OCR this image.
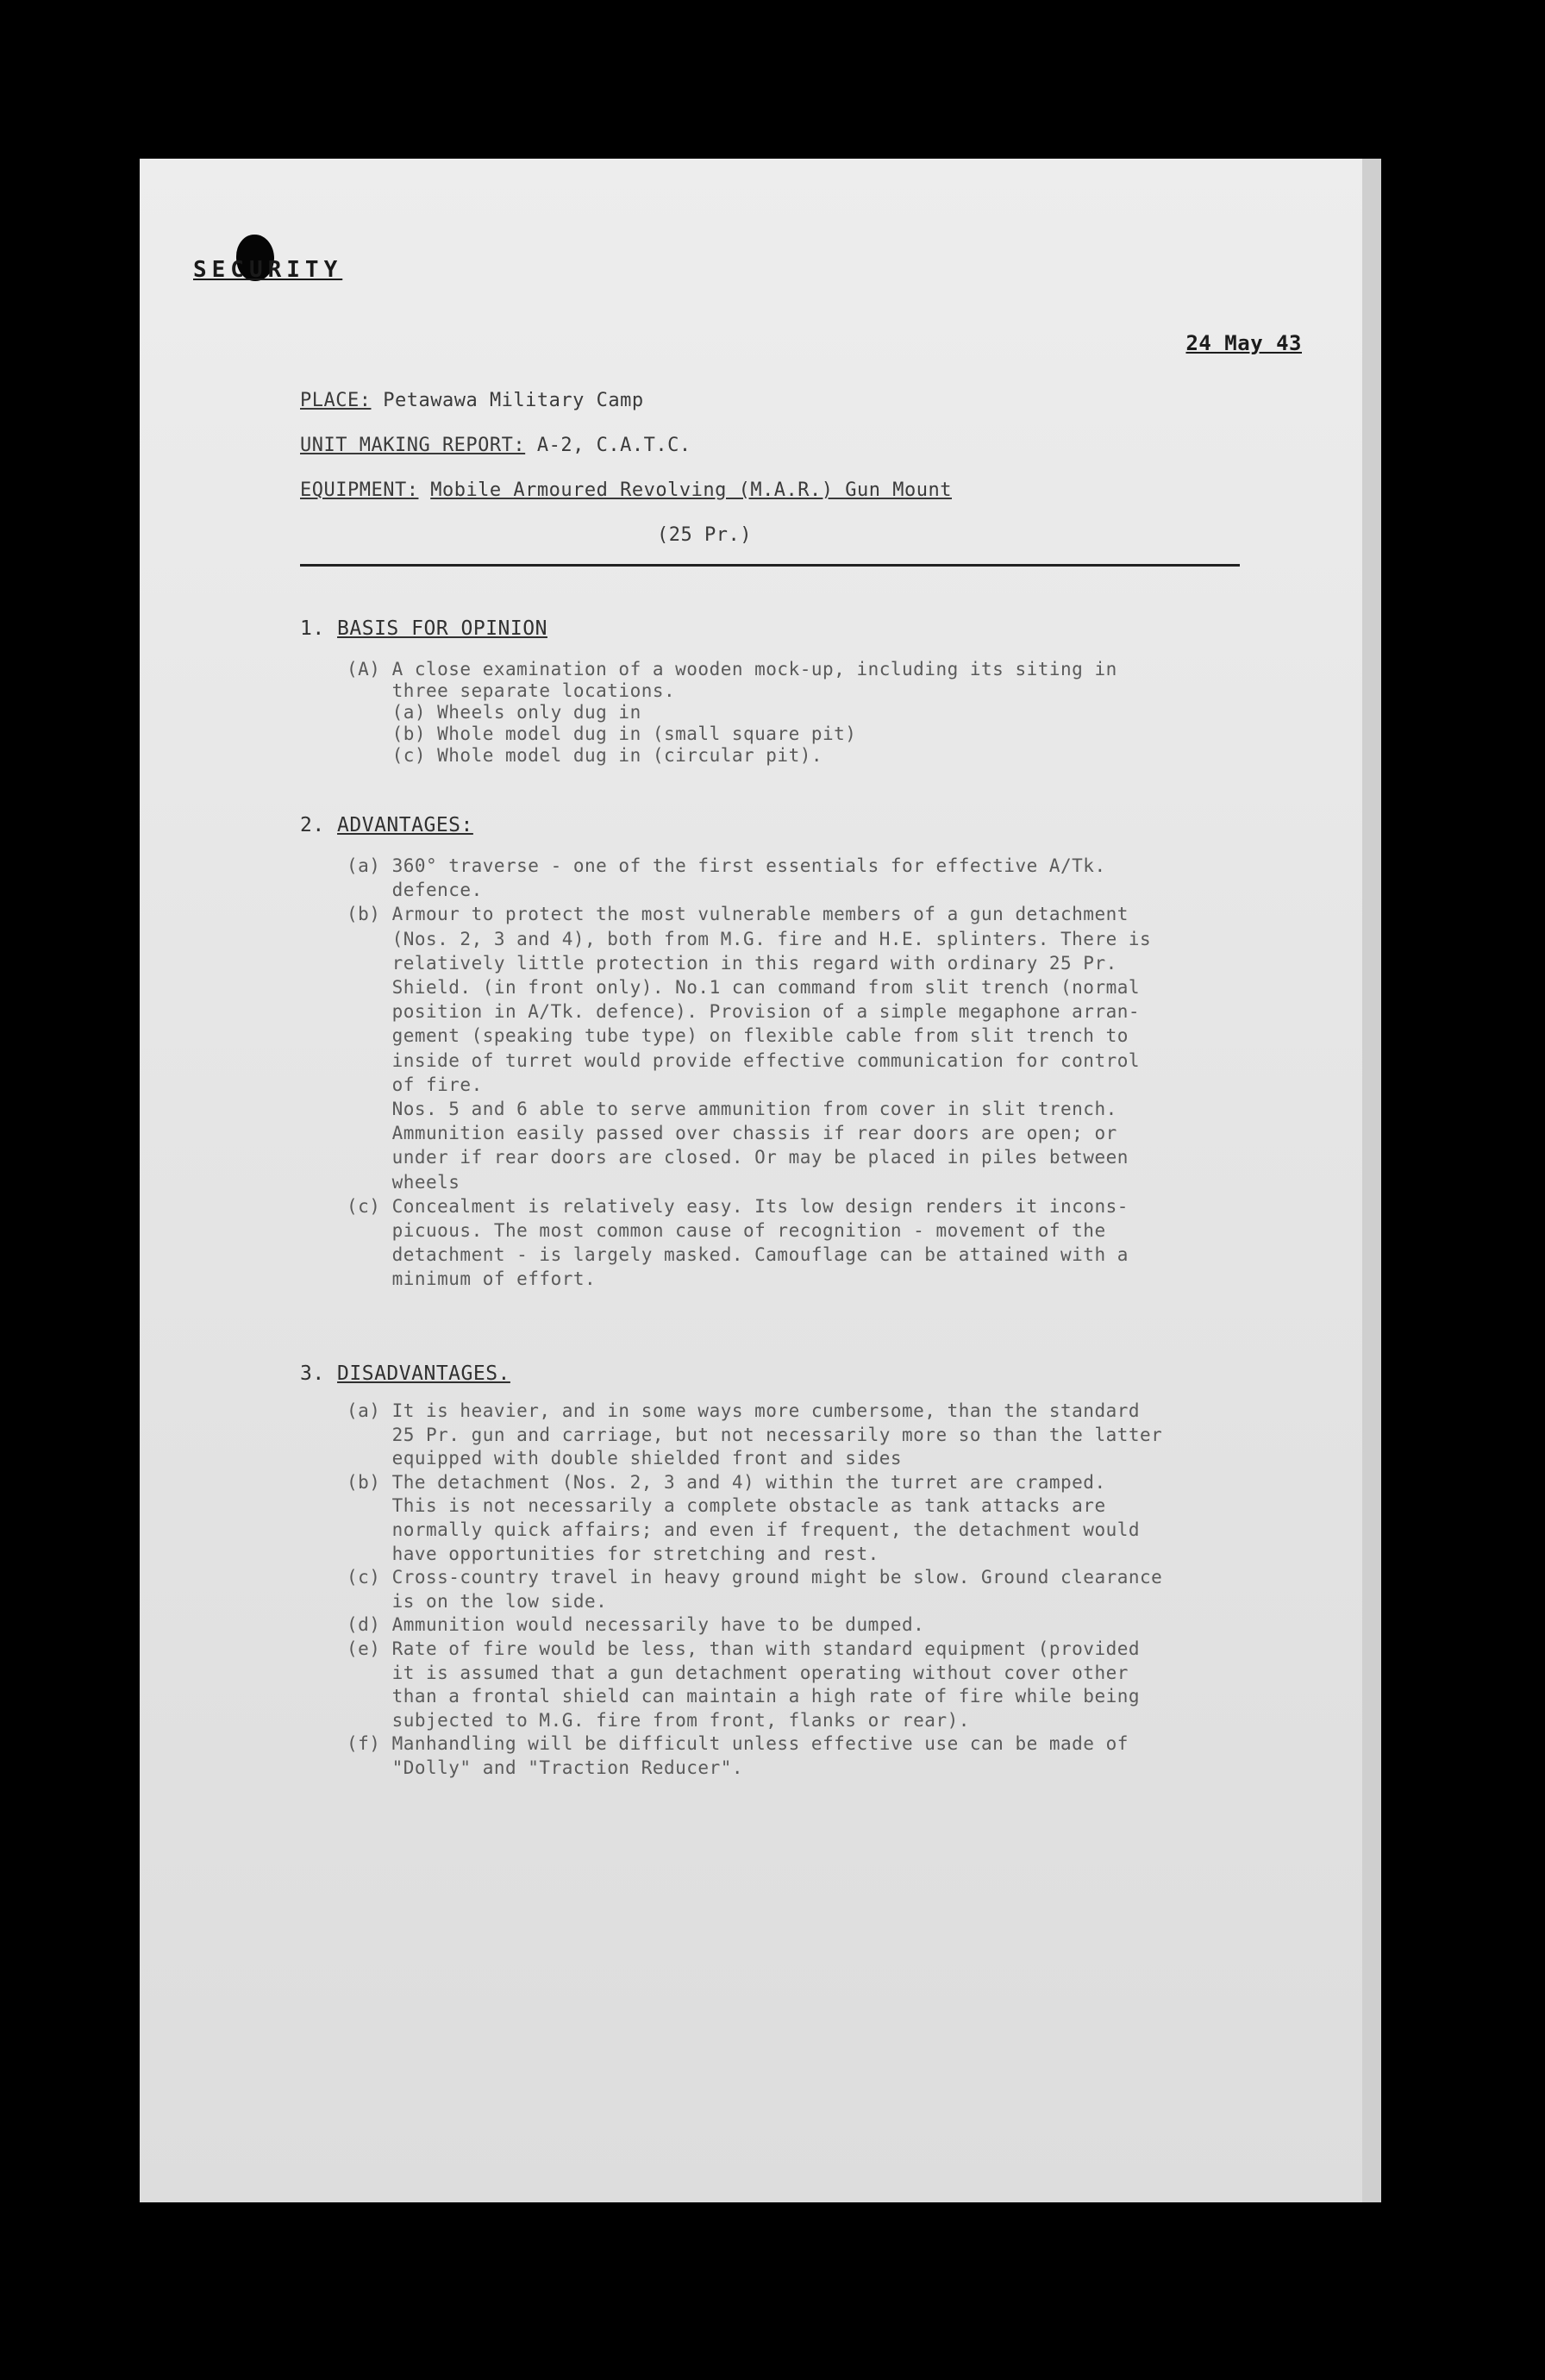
SECURITY
24 May 43
PLACE: Petawawa Military Camp
UNIT MAKING REPORT: A-2, C.A.T.C.
EQUIPMENT: Mobile Armoured Revolving (M.A.R.) Gun Mount
(25 Pr.)
1. BASIS FOR OPINION
(A) A close examination of a wooden mock-up, including its siting in
three separate locations.
(a) Wheels only dug in
(b) Whole model dug in (small square pit)
(c) Whole model dug in (circular pit).
2. ADVANTAGES:
(a) 360° traverse - one of the first essentials for effective A/Tk.
defence.
(b) Armour to protect the most vulnerable members of a gun detachment
(Nos. 2, 3 and 4), both from M.G. fire and H.E. splinters. There is
relatively little protection in this regard with ordinary 25 Pr.
Shield. (in front only). No.1 can command from slit trench (normal
position in A/Tk. defence). Provision of a simple megaphone arran-
gement (speaking tube type) on flexible cable from slit trench to
inside of turret would provide effective communication for control
of fire.
Nos. 5 and 6 able to serve ammunition from cover in slit trench.
Ammunition easily passed over chassis if rear doors are open; or
under if rear doors are closed. Or may be placed in piles between
wheels
(c) Concealment is relatively easy. Its low design renders it incons-
picuous. The most common cause of recognition - movement of the
detachment - is largely masked. Camouflage can be attained with a
minimum of effort.
3. DISADVANTAGES.
(a) It is heavier, and in some ways more cumbersome, than the standard
25 Pr. gun and carriage, but not necessarily more so than the latter
equipped with double shielded front and sides
(b) The detachment (Nos. 2, 3 and 4) within the turret are cramped.
This is not necessarily a complete obstacle as tank attacks are
normally quick affairs; and even if frequent, the detachment would
have opportunities for stretching and rest.
(c) Cross-country travel in heavy ground might be slow. Ground clearance
is on the low side.
(d) Ammunition would necessarily have to be dumped.
(e) Rate of fire would be less, than with standard equipment (provided
it is assumed that a gun detachment operating without cover other
than a frontal shield can maintain a high rate of fire while being
subjected to M.G. fire from front, flanks or rear).
(f) Manhandling will be difficult unless effective use can be made of
"Dolly" and "Traction Reducer".
